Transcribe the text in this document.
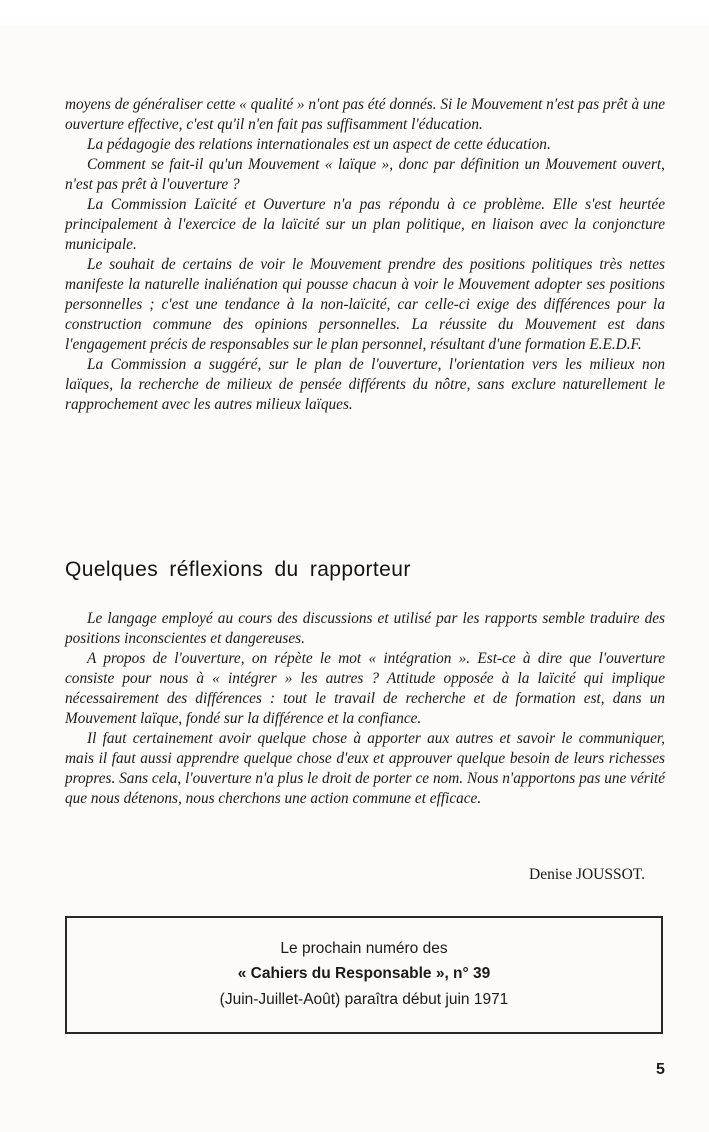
moyens de généraliser cette « qualité » n'ont pas été donnés. Si le Mouvement n'est pas prêt à une ouverture effective, c'est qu'il n'en fait pas suffisamment l'éducation.

La pédagogie des relations internationales est un aspect de cette éducation.

Comment se fait-il qu'un Mouvement « laïque », donc par définition un Mouvement ouvert, n'est pas prêt à l'ouverture ?

La Commission Laïcité et Ouverture n'a pas répondu à ce problème. Elle s'est heurtée principalement à l'exercice de la laïcité sur un plan politique, en liaison avec la conjoncture municipale.

Le souhait de certains de voir le Mouvement prendre des positions politiques très nettes manifeste la naturelle inaliénation qui pousse chacun à voir le Mouvement adopter ses positions personnelles ; c'est une tendance à la non-laïcité, car celle-ci exige des différences pour la construction commune des opinions personnelles. La réussite du Mouvement est dans l'engagement précis de responsables sur le plan personnel, résultant d'une formation E.E.D.F.

La Commission a suggéré, sur le plan de l'ouverture, l'orientation vers les milieux non laïques, la recherche de milieux de pensée différents du nôtre, sans exclure naturellement le rapprochement avec les autres milieux laïques.

Quelques réflexions du rapporteur

Le langage employé au cours des discussions et utilisé par les rapports semble traduire des positions inconscientes et dangereuses.

A propos de l'ouverture, on répète le mot « intégration ». Est-ce à dire que l'ouverture consiste pour nous à « intégrer » les autres ? Attitude opposée à la laïcité qui implique nécessairement des différences : tout le travail de recherche et de formation est, dans un Mouvement laïque, fondé sur la différence et la confiance.

Il faut certainement avoir quelque chose à apporter aux autres et savoir le communiquer, mais il faut aussi apprendre quelque chose d'eux et approuver quelque besoin de leurs richesses propres. Sans cela, l'ouverture n'a plus le droit de porter ce nom. Nous n'apportons pas une vérité que nous détenons, nous cherchons une action commune et efficace.

Denise JOUSSOT.
Le prochain numéro des
« Cahiers du Responsable », n° 39
(Juin-Juillet-Août) paraîtra début juin 1971
5
